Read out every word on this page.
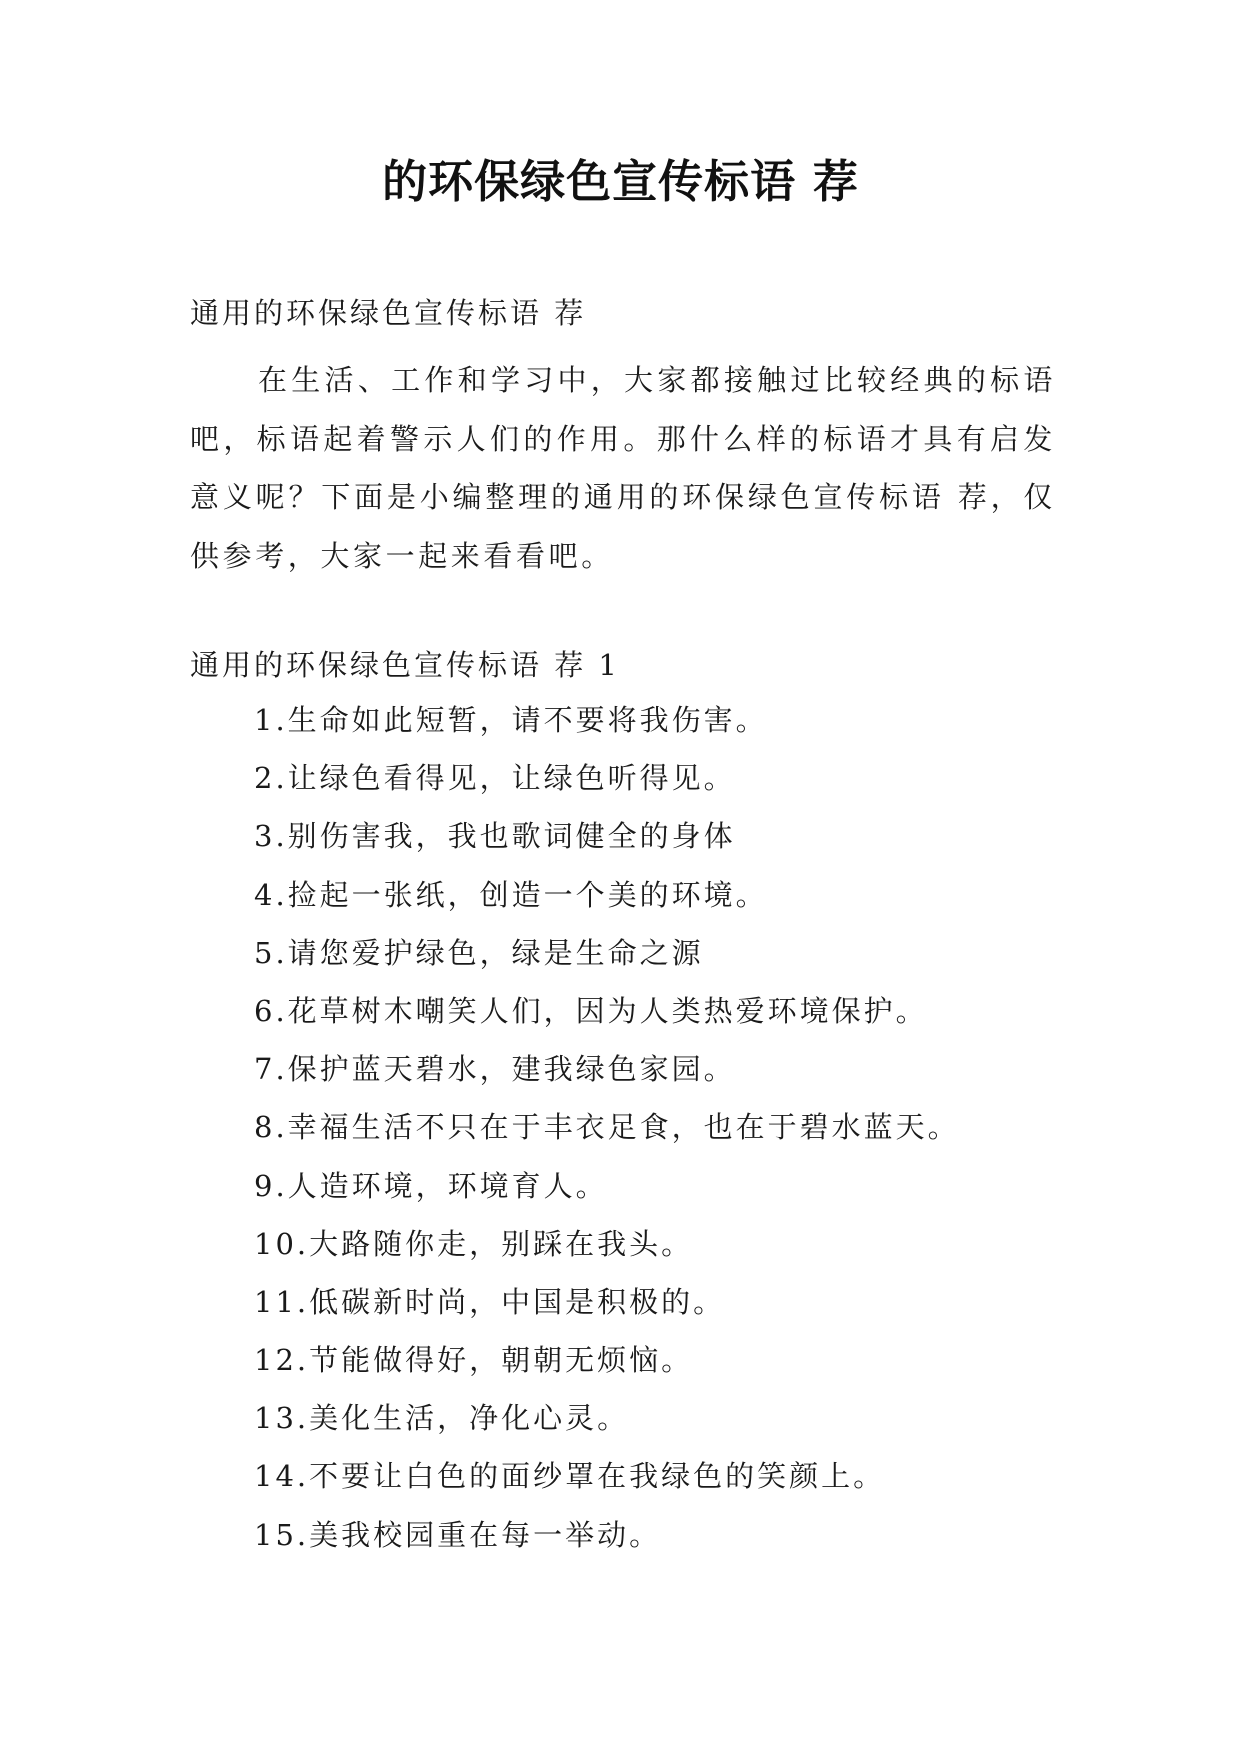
的环保绿色宣传标语 荐

通用的环保绿色宣传标语 荐

在生活、工作和学习中，大家都接触过比较经典的标语吧，标语起着警示人们的作用。那什么样的标语才具有启发意义呢？下面是小编整理的通用的环保绿色宣传标语 荐，仅供参考，大家一起来看看吧。

通用的环保绿色宣传标语 荐 1

1.生命如此短暂，请不要将我伤害。
2.让绿色看得见，让绿色听得见。
3.别伤害我，我也歌词健全的身体
4.捡起一张纸，创造一个美的环境。
5.请您爱护绿色，绿是生命之源
6.花草树木嘲笑人们，因为人类热爱环境保护。
7.保护蓝天碧水，建我绿色家园。
8.幸福生活不只在于丰衣足食，也在于碧水蓝天。
9.人造环境，环境育人。
10.大路随你走，别踩在我头。
11.低碳新时尚，中国是积极的。
12.节能做得好，朝朝无烦恼。
13.美化生活，净化心灵。
14.不要让白色的面纱罩在我绿色的笑颜上。
15.美我校园重在每一举动。
